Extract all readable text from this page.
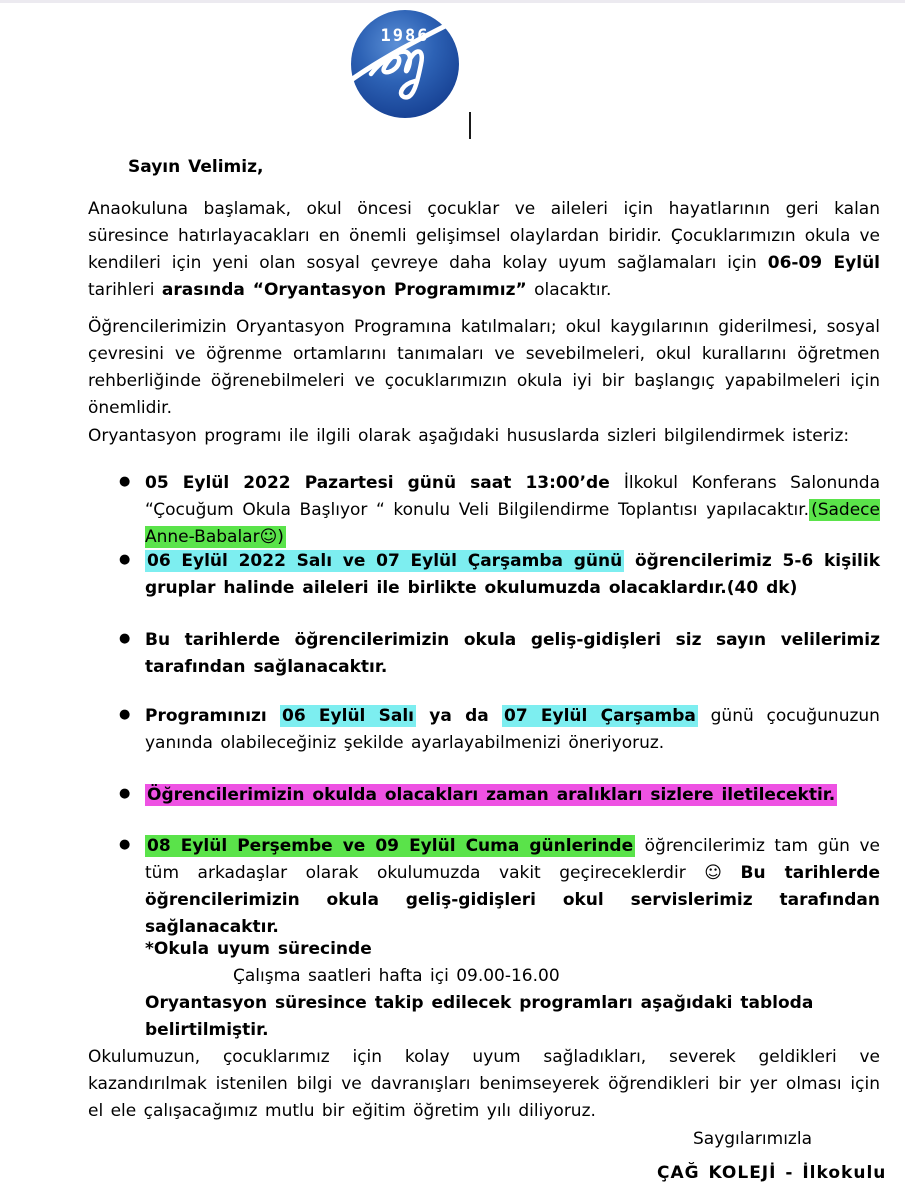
1986
Sayın Velimiz,
Anaokuluna başlamak, okul öncesi çocuklar ve aileleri için hayatlarının geri kalan süresince hatırlayacakları en önemli gelişimsel olaylardan biridir. Çocuklarımızın okula ve kendileri için yeni olan sosyal çevreye daha kolay uyum sağlamaları için 06-09 Eylül tarihleri arasında “Oryantasyon Programımız” olacaktır.
Öğrencilerimizin Oryantasyon Programına katılmaları; okul kaygılarının giderilmesi, sosyal çevresini ve öğrenme ortamlarını tanımaları ve sevebilmeleri, okul kurallarını öğretmen rehberliğinde öğrenebilmeleri ve çocuklarımızın okula iyi bir başlangıç yapabilmeleri için önemlidir.
Oryantasyon programı ile ilgili olarak aşağıdaki hususlarda sizleri bilgilendirmek isteriz:
● 05 Eylül 2022 Pazartesi günü saat 13:00’de İlkokul Konferans Salonunda “Çocuğum Okula Başlıyor “ konulu Veli Bilgilendirme Toplantısı yapılacaktır. (Sadece Anne-Babalar☺)
● 06 Eylül 2022 Salı ve 07 Eylül Çarşamba günü öğrencilerimiz 5-6 kişilik gruplar halinde aileleri ile birlikte okulumuzda olacaklardır.(40 dk)
● Bu tarihlerde öğrencilerimizin okula geliş-gidişleri siz sayın velilerimiz tarafından sağlanacaktır.
● Programınızı 06 Eylül Salı ya da 07 Eylül Çarşamba günü çocuğunuzun yanında olabileceğiniz şekilde ayarlayabilmenizi öneriyoruz.
● Öğrencilerimizin okulda olacakları zaman aralıkları sizlere iletilecektir.
● 08 Eylül Perşembe ve 09 Eylül Cuma günlerinde öğrencilerimiz tam gün ve tüm arkadaşlar olarak okulumuzda vakit geçireceklerdir ☺ Bu tarihlerde öğrencilerimizin okula geliş-gidişleri okul servislerimiz tarafından sağlanacaktır.
*Okula uyum sürecinde
Çalışma saatleri hafta içi 09.00-16.00
Oryantasyon süresince takip edilecek programları aşağıdaki tabloda belirtilmiştir.
Okulumuzun, çocuklarımız için kolay uyum sağladıkları, severek geldikleri ve kazandırılmak istenilen bilgi ve davranışları benimseyerek öğrendikleri bir yer olması için el ele çalışacağımız mutlu bir eğitim öğretim yılı diliyoruz.
Saygılarımızla
ÇAĞ KOLEJİ - İlkokulu
